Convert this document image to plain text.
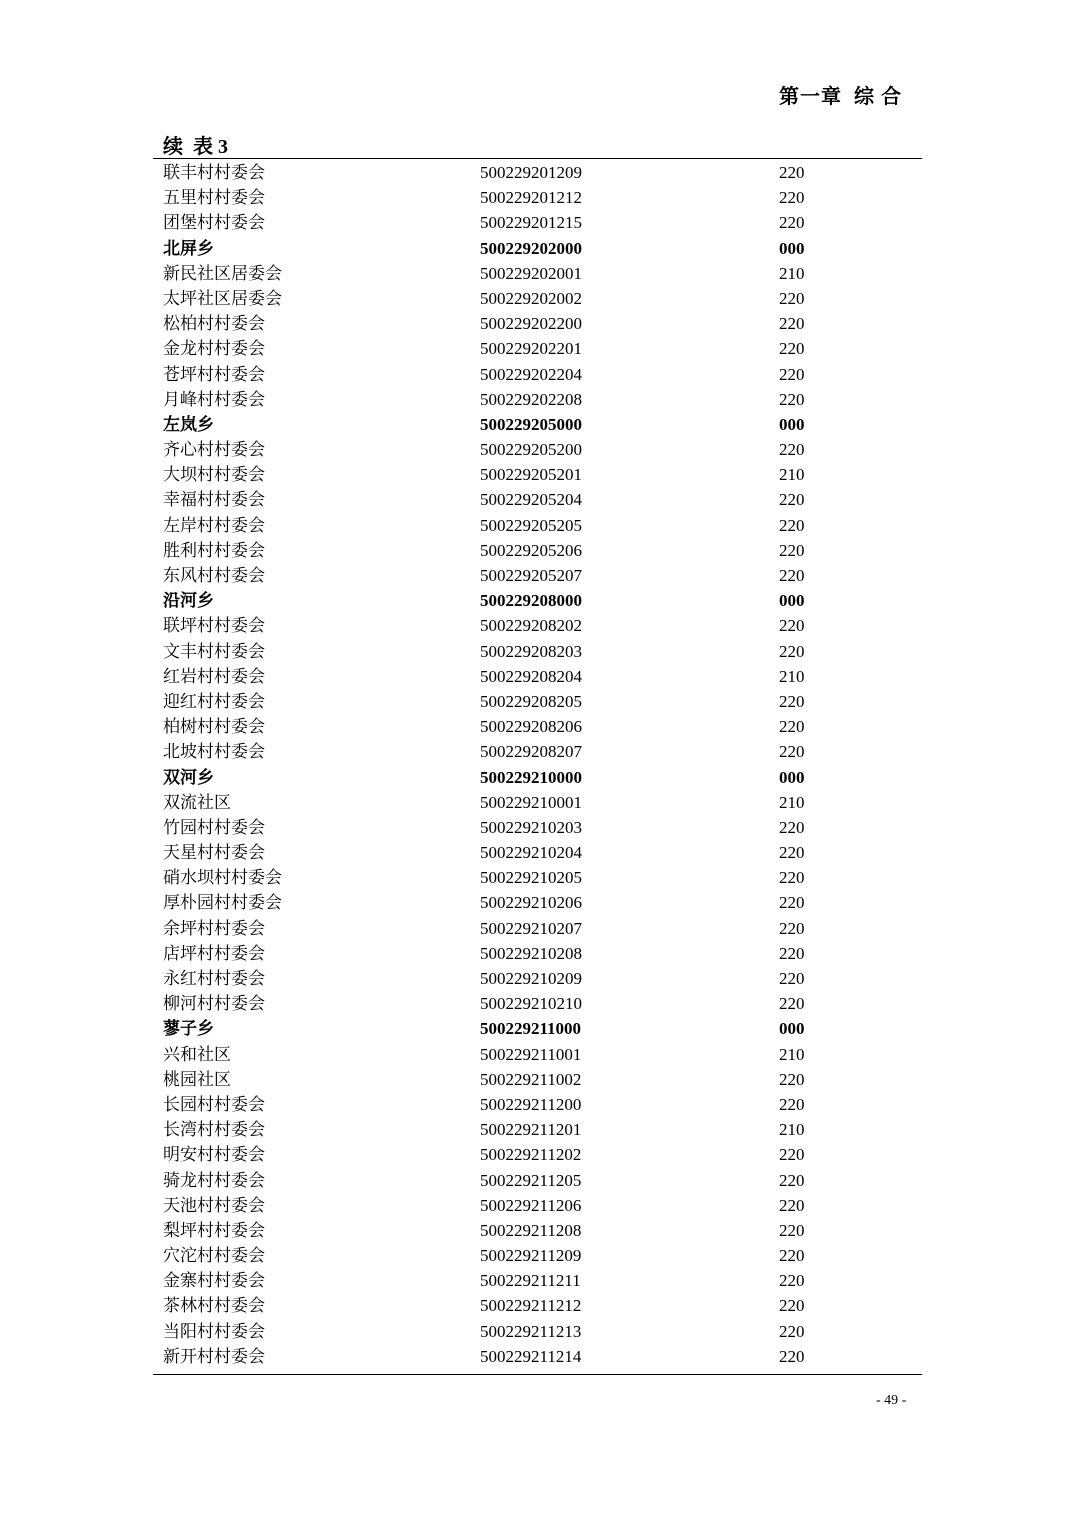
第一章  综 合
续  表 3
联丰村村委会	500229201209	220
五里村村委会	500229201212	220
团堡村村委会	500229201215	220
北屏乡	500229202000	000
新民社区居委会	500229202001	210
太坪社区居委会	500229202002	220
松柏村村委会	500229202200	220
金龙村村委会	500229202201	220
苍坪村村委会	500229202204	220
月峰村村委会	500229202208	220
左岚乡	500229205000	000
齐心村村委会	500229205200	220
大坝村村委会	500229205201	210
幸福村村委会	500229205204	220
左岸村村委会	500229205205	220
胜利村村委会	500229205206	220
东风村村委会	500229205207	220
沿河乡	500229208000	000
联坪村村委会	500229208202	220
文丰村村委会	500229208203	220
红岩村村委会	500229208204	210
迎红村村委会	500229208205	220
柏树村村委会	500229208206	220
北坡村村委会	500229208207	220
双河乡	500229210000	000
双流社区	500229210001	210
竹园村村委会	500229210203	220
天星村村委会	500229210204	220
硝水坝村村委会	500229210205	220
厚朴园村村委会	500229210206	220
余坪村村委会	500229210207	220
店坪村村委会	500229210208	220
永红村村委会	500229210209	220
柳河村村委会	500229210210	220
蓼子乡	500229211000	000
兴和社区	500229211001	210
桃园社区	500229211002	220
长园村村委会	500229211200	220
长湾村村委会	500229211201	210
明安村村委会	500229211202	220
骑龙村村委会	500229211205	220
天池村村委会	500229211206	220
梨坪村村委会	500229211208	220
穴沱村村委会	500229211209	220
金寨村村委会	500229211211	220
茶林村村委会	500229211212	220
当阳村村委会	500229211213	220
新开村村委会	500229211214	220
- 49 -
